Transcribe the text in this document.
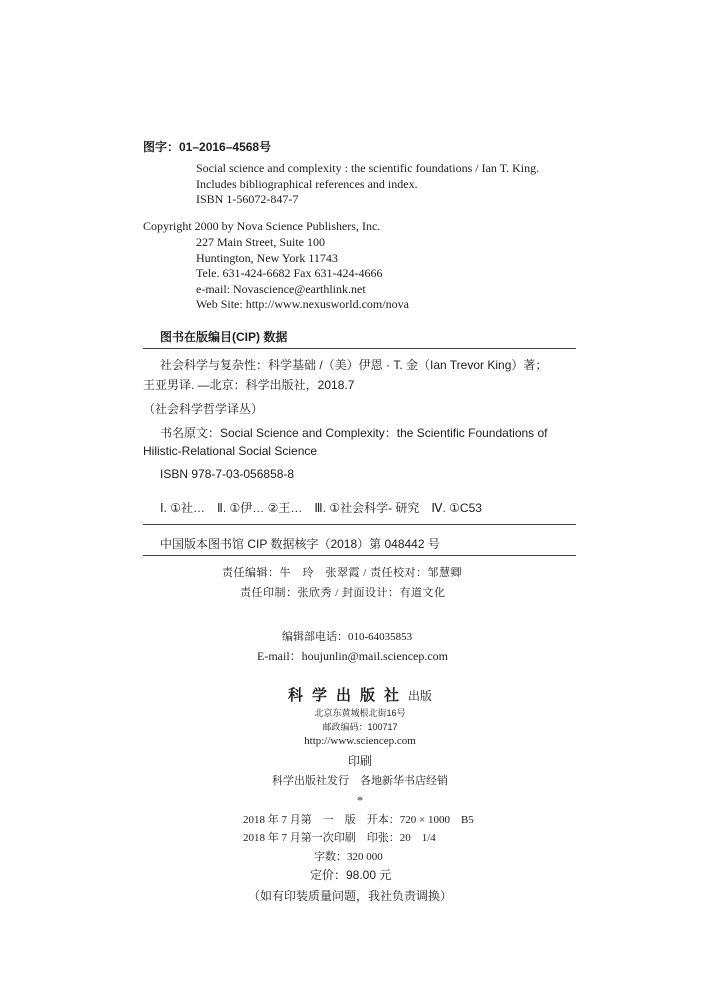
图字：01–2016–4568号
Social science and complexity : the scientific foundations / Ian T. King.
Includes bibliographical references and index.
ISBN 1-56072-847-7
Copyright 2000 by Nova Science Publishers, Inc.
227 Main Street, Suite 100
Huntington, New York 11743
Tele. 631-424-6682 Fax 631-424-4666
e-mail: Novascience@earthlink.net
Web Site: http://www.nexusworld.com/nova
图书在版编目(CIP) 数据
社会科学与复杂性：科学基础 /（美）伊恩 · T. 金（Ian Trevor King）著；
王亚男译. —北京：科学出版社，2018.7
（社会科学哲学译丛）
书名原文：Social Science and Complexity：the Scientific Foundations of
Hilistic-Relational Social Science
ISBN 978-7-03-056858-8
Ⅰ. ①社…　Ⅱ. ①伊… ②王…　Ⅲ. ①社会科学- 研究　Ⅳ. ①C53
中国版本图书馆 CIP 数据核字（2018）第 048442 号
责任编辑：牛　玲　张翠霞 / 责任校对：邹慧卿
责任印制：张欣秀 / 封面设计：有道文化
编辑部电话：010-64035853
E-mail：houjunlin@mail.sciencep.com
科学出版社出版
北京东黄城根北街16号
邮政编码：100717
http://www.sciencep.com
印刷
科学出版社发行　各地新华书店经销
*
2018 年 7 月第　一　版　开本：720 × 1000　B5
2018 年 7 月第一次印刷　印张：20　1/4
字数：320 000
定价：98.00 元
（如有印装质量问题，我社负责调换）
